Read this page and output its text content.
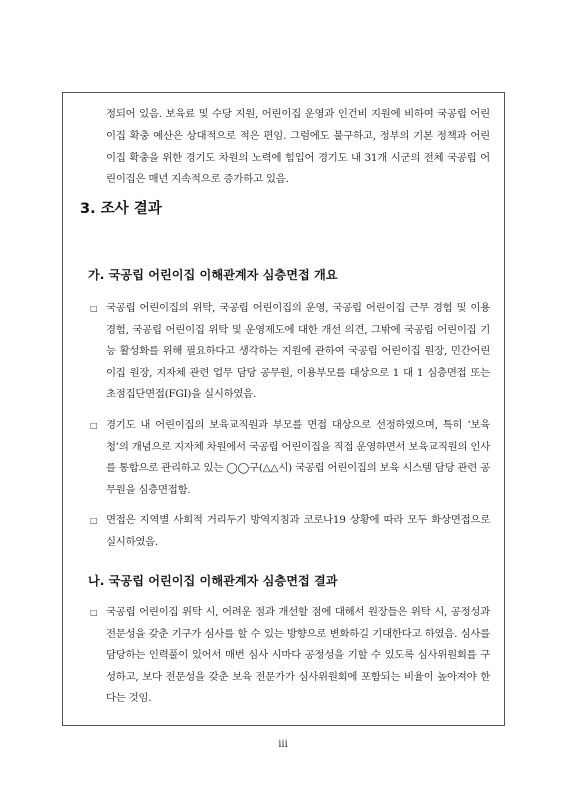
정되어 있음. 보육료 및 수당 지원, 어린이집 운영과 인건비 지원에 비하여 국공립 어린이집 확충 예산은 상대적으로 적은 편임. 그럼에도 불구하고, 정부의 기본 정책과 어린이집 확충을 위한 경기도 차원의 노력에 힘입어 경기도 내 31개 시군의 전체 국공립 어린이집은 매년 지속적으로 증가하고 있음.

3. 조사 결과
가. 국공립 어린이집 이해관계자 심층면접 개요
□ 국공립 어린이집의 위탁, 국공립 어린이집의 운영, 국공립 어린이집 근무 경험 및 이용 경험, 국공립 어린이집 위탁 및 운영제도에 대한 개선 의견, 그밖에 국공립 어린이집 기능 활성화를 위해 필요하다고 생각하는 지원에 관하여 국공립 어린이집 원장, 민간어린이집 원장, 지자체 관련 업무 담당 공무원, 이용부모를 대상으로 1 대 1 심층면접 또는 초점집단면접(FGI)을 실시하였음.
□ 경기도 내 어린이집의 보육교직원과 부모를 면접 대상으로 선정하였으며, 특히 ‘보육청’의 개념으로 지자체 차원에서 국공립 어린이집을 직접 운영하면서 보육교직원의 인사를 통합으로 관리하고 있는 ◯◯구(△△시) 국공립 어린이집의 보육 시스템 담당 관련 공무원을 심층면접함.
□ 면접은 지역별 사회적 거리두기 방역지침과 코로나19 상황에 따라 모두 화상면접으로 실시하였음.
나. 국공립 어린이집 이해관계자 심층면접 결과
□ 국공립 어린이집 위탁 시, 어려운 점과 개선할 점에 대해서 원장들은 위탁 시, 공정성과 전문성을 갖춘 기구가 심사를 할 수 있는 방향으로 변화하길 기대한다고 하였음. 심사를 담당하는 인력풀이 있어서 매번 심사 시마다 공정성을 기할 수 있도록 심사위원회를 구성하고, 보다 전문성을 갖춘 보육 전문가가 심사위원회에 포함되는 비율이 높아져야 한다는 것임.
iii
